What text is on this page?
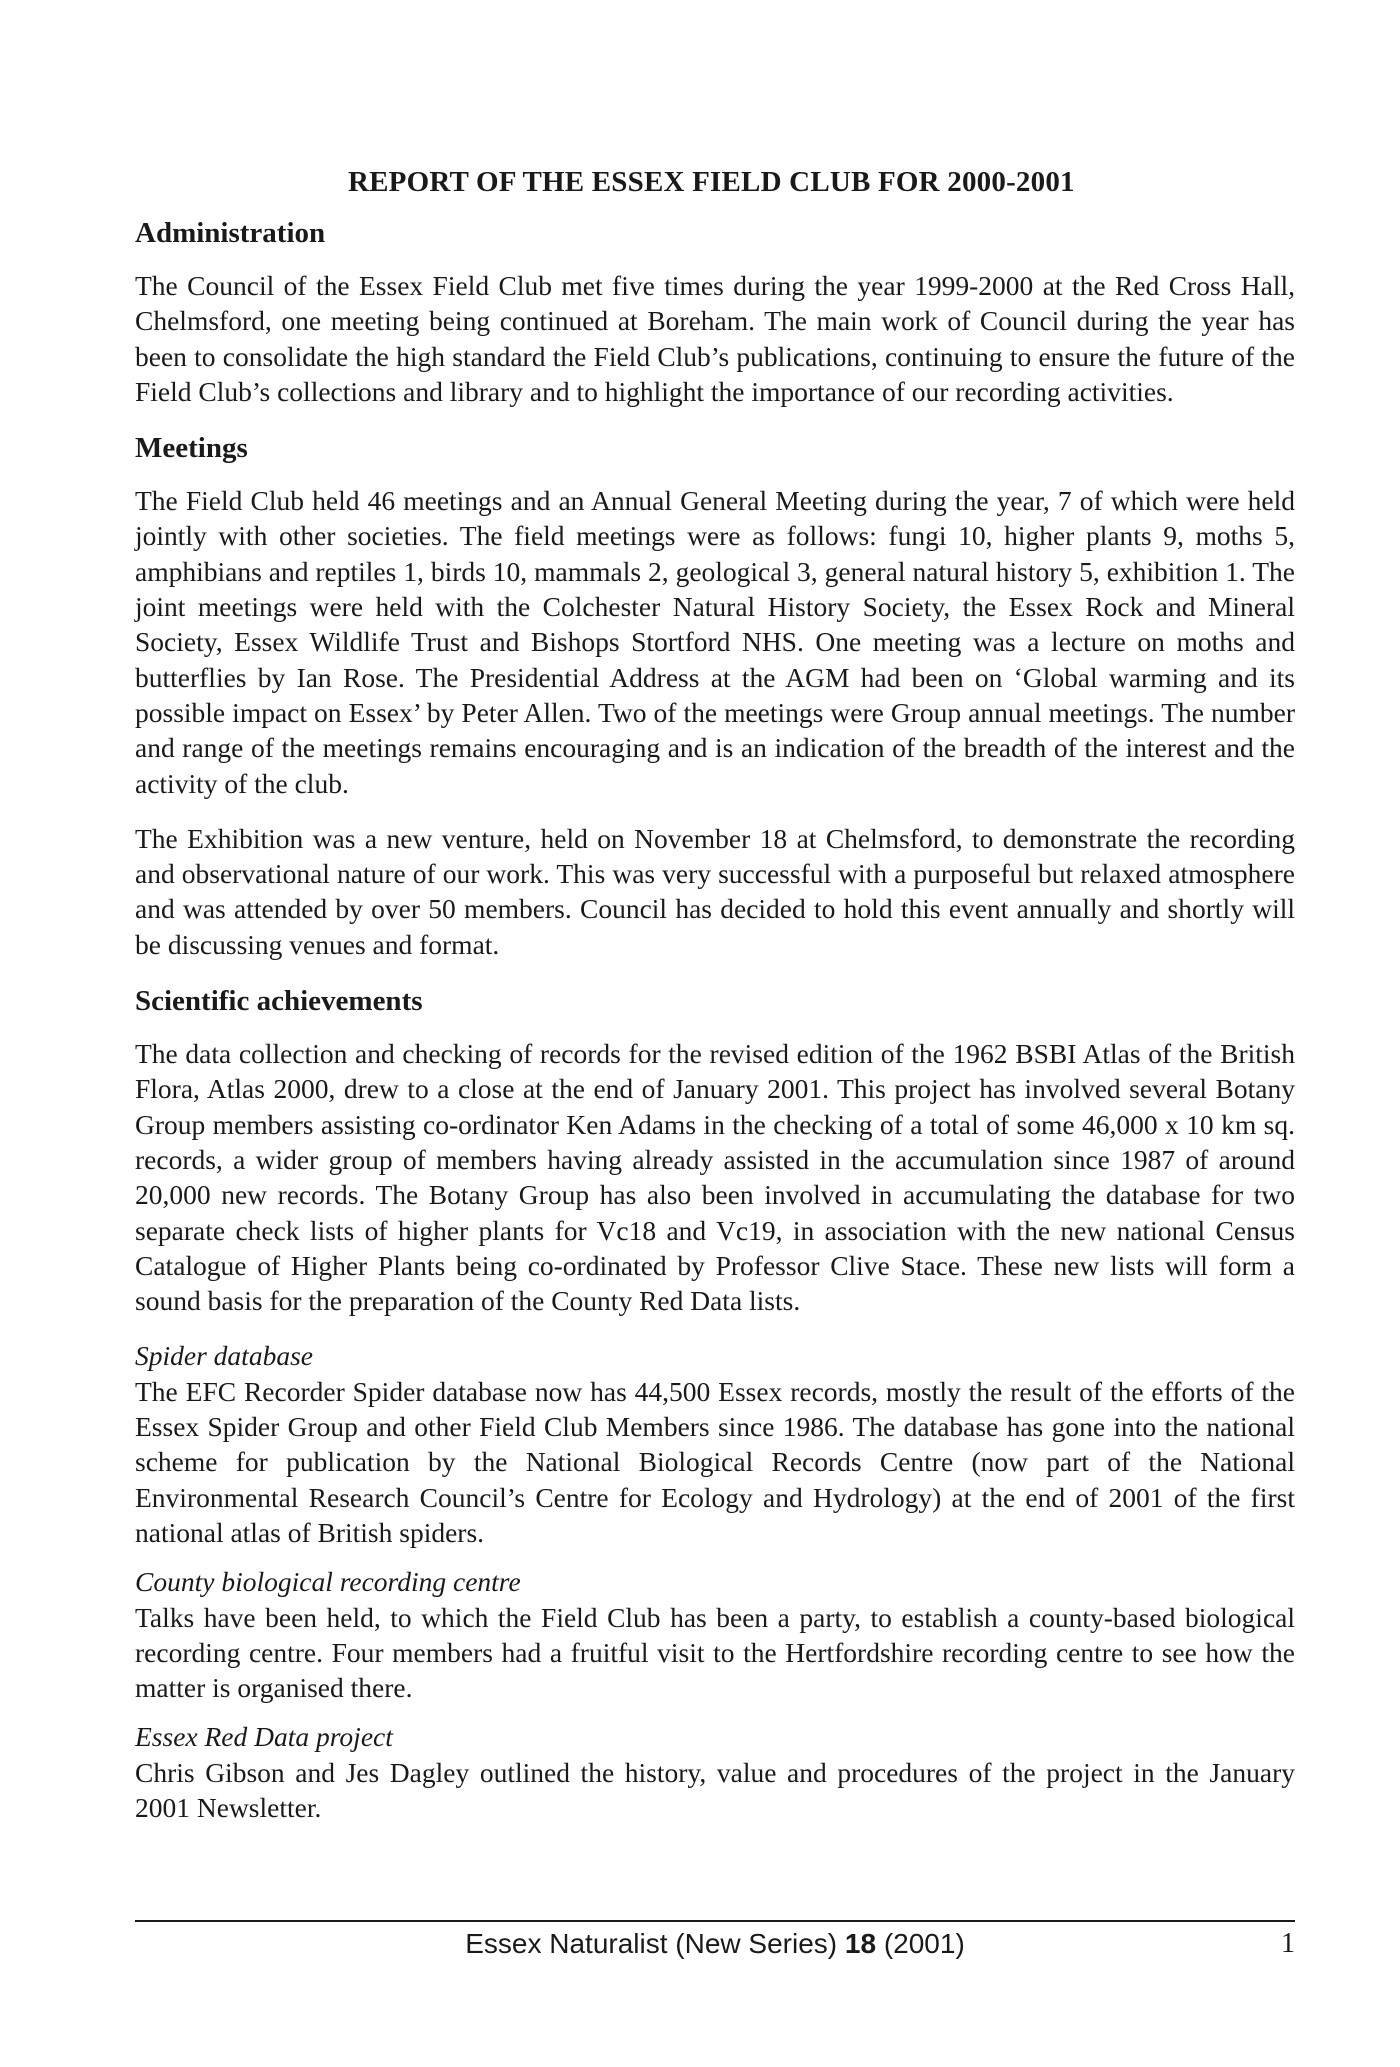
REPORT OF THE ESSEX FIELD CLUB FOR 2000-2001
Administration

The Council of the Essex Field Club met five times during the year 1999-2000 at the Red Cross Hall, Chelmsford, one meeting being continued at Boreham. The main work of Council during the year has been to consolidate the high standard the Field Club’s publications, continuing to ensure the future of the Field Club’s collections and library and to highlight the importance of our recording activities.

Meetings

The Field Club held 46 meetings and an Annual General Meeting during the year, 7 of which were held jointly with other societies. The field meetings were as follows: fungi 10, higher plants 9, moths 5, amphibians and reptiles 1, birds 10, mammals 2, geological 3, general natural history 5, exhibition 1. The joint meetings were held with the Colchester Natural History Society, the Essex Rock and Mineral Society, Essex Wildlife Trust and Bishops Stortford NHS. One meeting was a lecture on moths and butterflies by Ian Rose. The Presidential Address at the AGM had been on ‘Global warming and its possible impact on Essex’ by Peter Allen. Two of the meetings were Group annual meetings. The number and range of the meetings remains encouraging and is an indication of the breadth of the interest and the activity of the club.

The Exhibition was a new venture, held on November 18 at Chelmsford, to demonstrate the recording and observational nature of our work. This was very successful with a purposeful but relaxed atmosphere and was attended by over 50 members. Council has decided to hold this event annually and shortly will be discussing venues and format.

Scientific achievements

The data collection and checking of records for the revised edition of the 1962 BSBI Atlas of the British Flora, Atlas 2000, drew to a close at the end of January 2001. This project has involved several Botany Group members assisting co-ordinator Ken Adams in the checking of a total of some 46,000 x 10 km sq. records, a wider group of members having already assisted in the accumulation since 1987 of around 20,000 new records. The Botany Group has also been involved in accumulating the database for two separate check lists of higher plants for Vc18 and Vc19, in association with the new national Census Catalogue of Higher Plants being co-ordinated by Professor Clive Stace. These new lists will form a sound basis for the preparation of the County Red Data lists.

Spider database

The EFC Recorder Spider database now has 44,500 Essex records, mostly the result of the efforts of the Essex Spider Group and other Field Club Members since 1986. The database has gone into the national scheme for publication by the National Biological Records Centre (now part of the National Environmental Research Council’s Centre for Ecology and Hydrology) at the end of 2001 of the first national atlas of British spiders.

County biological recording centre

Talks have been held, to which the Field Club has been a party, to establish a county-based biological recording centre. Four members had a fruitful visit to the Hertfordshire recording centre to see how the matter is organised there.

Essex Red Data project

Chris Gibson and Jes Dagley outlined the history, value and procedures of the project in the January 2001 Newsletter.

Essex Naturalist (New Series) 18 (2001)	1
